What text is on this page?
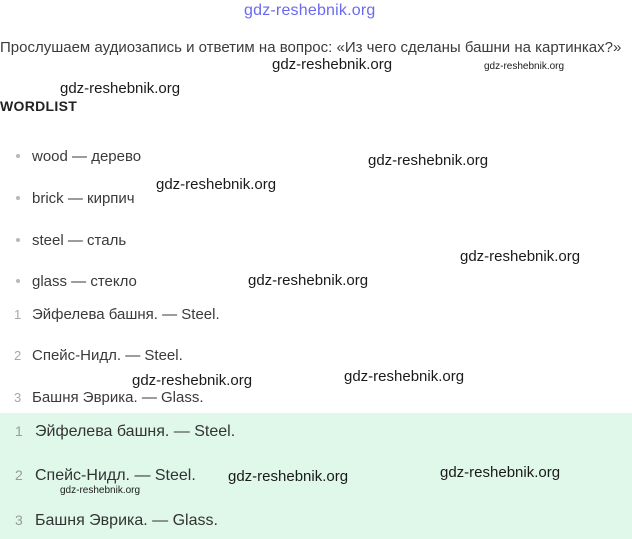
gdz-reshebnik.org
Прослушаем аудиозапись и ответим на вопрос: «Из чего сделаны башни на картинках?»
WORDLIST
wood — дерево
brick — кирпич
steel — сталь
glass — стекло
1 Эйфелева башня. — Steel.
2 Спейс-Нидл. — Steel.
3 Башня Эврика. — Glass.
1 Эйфелева башня. — Steel.
2 Спейс-Нидл. — Steel.
3 Башня Эврика. — Glass.
gdz-reshebnik.org	gdz-reshebnik.org
gdz-reshebnik.org
gdz-reshebnik.org
gdz-reshebnik.org
gdz-reshebnik.org
gdz-reshebnik.org
gdz-reshebnik.org
gdz-reshebnik.org
gdz-reshebnik.org
gdz-reshebnik.org
gdz-reshebnik.org
